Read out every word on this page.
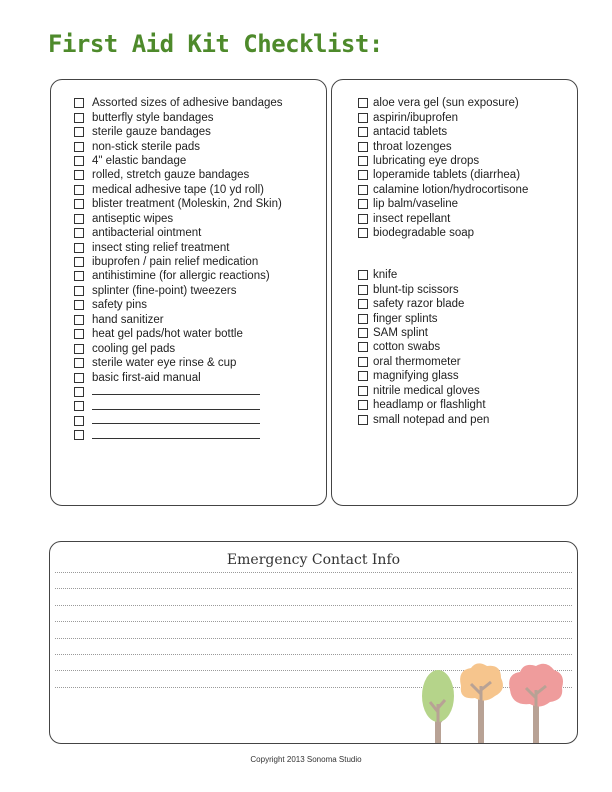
First Aid Kit Checklist:
Assorted sizes of adhesive bandages
butterfly style bandages
sterile gauze bandages
non-stick sterile pads
4" elastic bandage
rolled, stretch gauze bandages
medical adhesive tape (10 yd roll)
blister treatment (Moleskin, 2nd Skin)
antiseptic wipes
antibacterial ointment
insect sting relief treatment
ibuprofen / pain relief medication
antihistimine (for allergic reactions)
splinter (fine-point) tweezers
safety pins
hand sanitizer
heat gel pads/hot water bottle
cooling gel pads
sterile water eye rinse & cup
basic first-aid manual
aloe vera gel (sun exposure)
aspirin/ibuprofen
antacid tablets
throat lozenges
lubricating eye drops
loperamide tablets (diarrhea)
calamine lotion/hydrocortisone
lip balm/vaseline
insect repellant
biodegradable soap
knife
blunt-tip scissors
safety razor blade
finger splints
SAM splint
cotton swabs
oral thermometer
magnifying glass
nitrile medical gloves
headlamp or flashlight
small notepad and pen
Emergency Contact Info
Copyright 2013 Sonoma Studio
